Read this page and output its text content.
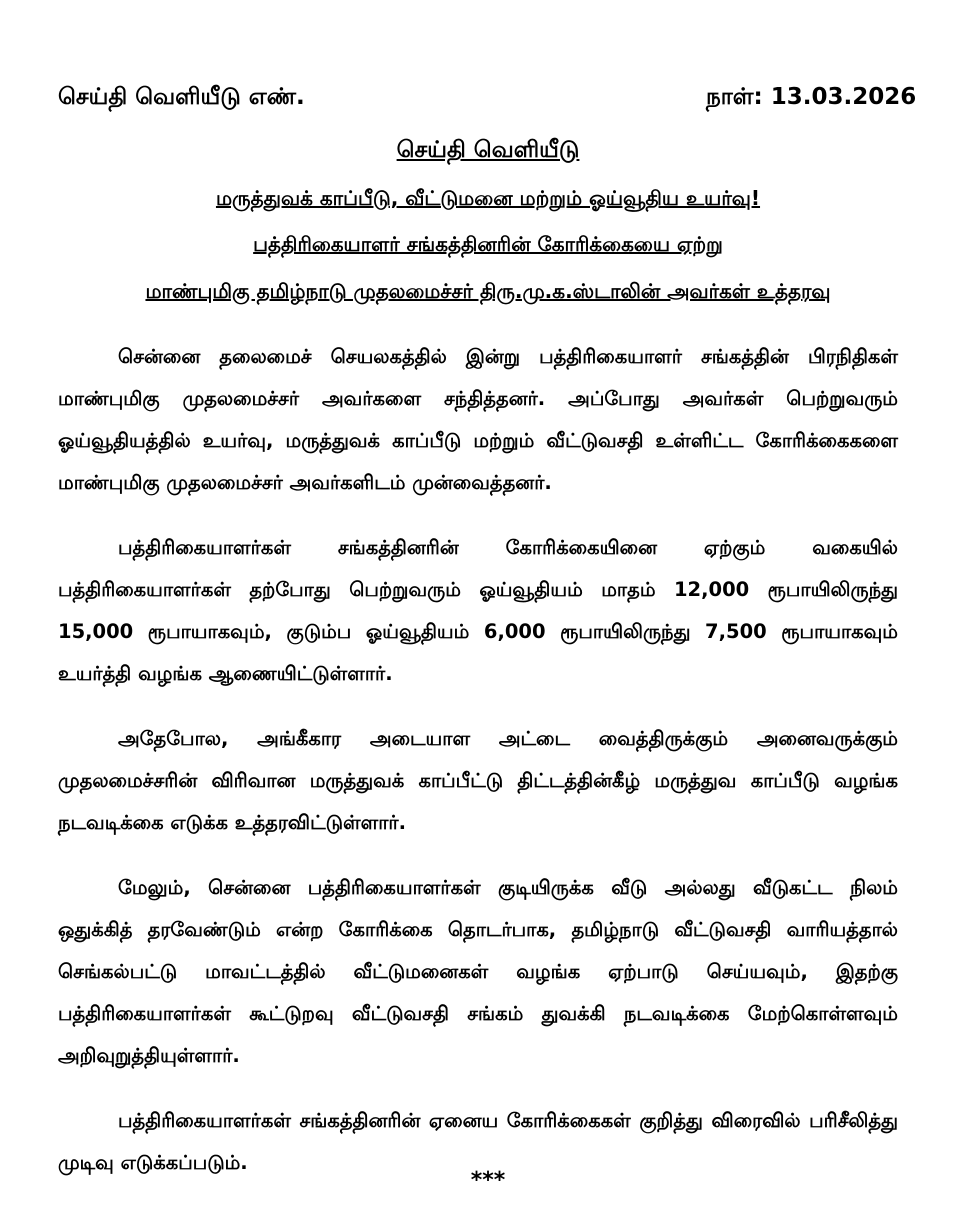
செய்தி வெளியீடு எண்.	நாள்: 13.03.2026
செய்தி வெளியீடு
மருத்துவக் காப்பீடு, வீட்டுமனை மற்றும் ஓய்வூதிய உயர்வு!
பத்திரிகையாளர் சங்கத்தினரின் கோரிக்கையை ஏற்று
மாண்புமிகு தமிழ்நாடு முதலமைச்சர் திரு.மு.க.ஸ்டாலின் அவர்கள் உத்தரவு

சென்னை தலைமைச் செயலகத்தில் இன்று பத்திரிகையாளர் சங்கத்தின் பிரநிதிகள் மாண்புமிகு முதலமைச்சர் அவர்களை சந்தித்தனர். அப்போது அவர்கள் பெற்றுவரும் ஓய்வூதியத்தில் உயர்வு, மருத்துவக் காப்பீடு மற்றும் வீட்டுவசதி உள்ளிட்ட கோரிக்கைகளை மாண்புமிகு முதலமைச்சர் அவர்களிடம் முன்வைத்தனர்.

பத்திரிகையாளர்கள் சங்கத்தினரின் கோரிக்கையினை ஏற்கும் வகையில் பத்திரிகையாளர்கள் தற்போது பெற்றுவரும் ஓய்வூதியம் மாதம் 12,000 ரூபாயிலிருந்து 15,000 ரூபாயாகவும், குடும்ப ஓய்வூதியம் 6,000 ரூபாயிலிருந்து 7,500 ரூபாயாகவும் உயர்த்தி வழங்க ஆணையிட்டுள்ளார்.

அதேபோல, அங்கீகார அடையாள அட்டை வைத்திருக்கும் அனைவருக்கும் முதலமைச்சரின் விரிவான மருத்துவக் காப்பீட்டு திட்டத்தின்கீழ் மருத்துவ காப்பீடு வழங்க நடவடிக்கை எடுக்க உத்தரவிட்டுள்ளார்.

மேலும், சென்னை பத்திரிகையாளர்கள் குடியிருக்க வீடு அல்லது வீடுகட்ட நிலம் ஒதுக்கித் தரவேண்டும் என்ற கோரிக்கை தொடர்பாக, தமிழ்நாடு வீட்டுவசதி வாரியத்தால் செங்கல்பட்டு மாவட்டத்தில் வீட்டுமனைகள் வழங்க ஏற்பாடு செய்யவும், இதற்கு பத்திரிகையாளர்கள் கூட்டுறவு வீட்டுவசதி சங்கம் துவக்கி நடவடிக்கை மேற்கொள்ளவும் அறிவுறுத்தியுள்ளார்.

பத்திரிகையாளர்கள் சங்கத்தினரின் ஏனைய கோரிக்கைகள் குறித்து விரைவில் பரிசீலித்து முடிவு எடுக்கப்படும்.

***
